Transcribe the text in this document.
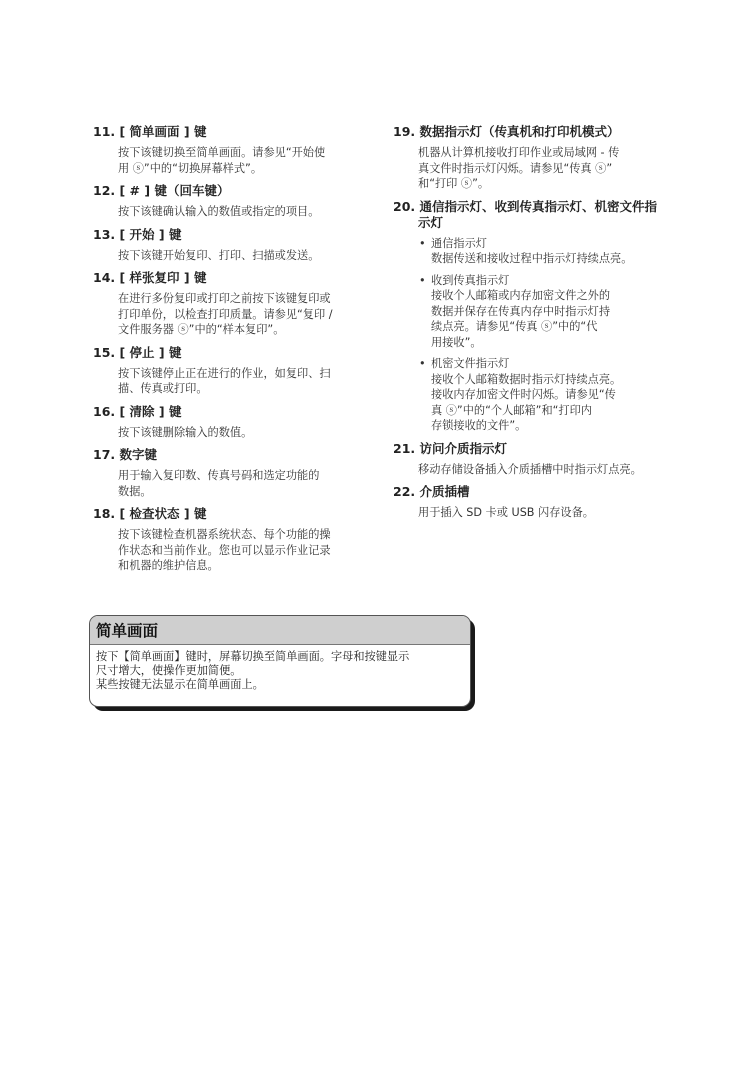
11. [ 简单画面 ] 键
按下该键切换至简单画面。请参见“开始使
用 ⓢ”中的“切换屏幕样式”。
12. [ # ] 键（回车键）
按下该键确认输入的数值或指定的项目。
13. [ 开始 ] 键
按下该键开始复印、打印、扫描或发送。
14. [ 样张复印 ] 键
在进行多份复印或打印之前按下该键复印或
打印单份，以检查打印质量。请参见“复印 /
文件服务器 ⓢ”中的“样本复印”。
15. [ 停止 ] 键
按下该键停止正在进行的作业，如复印、扫
描、传真或打印。
16. [ 清除 ] 键
按下该键删除输入的数值。
17. 数字键
用于输入复印数、传真号码和选定功能的
数据。
18. [ 检查状态 ] 键
按下该键检查机器系统状态、每个功能的操
作状态和当前作业。您也可以显示作业记录
和机器的维护信息。
19. 数据指示灯（传真机和打印机模式）
机器从计算机接收打印作业或局域网 - 传
真文件时指示灯闪烁。请参见“传真 ⓢ”
和“打印 ⓢ”。
20. 通信指示灯、收到传真指示灯、机密文件指
示灯
• 通信指示灯
数据传送和接收过程中指示灯持续点亮。
• 收到传真指示灯
接收个人邮箱或内存加密文件之外的
数据并保存在传真内存中时指示灯持
续点亮。请参见“传真 ⓢ”中的“代
用接收”。
• 机密文件指示灯
接收个人邮箱数据时指示灯持续点亮。
接收内存加密文件时闪烁。请参见“传
真 ⓢ”中的“个人邮箱”和“打印内
存锁接收的文件”。
21. 访问介质指示灯
移动存储设备插入介质插槽中时指示灯点亮。
22. 介质插槽
用于插入 SD 卡或 USB 闪存设备。
简单画面
按下【简单画面】键时，屏幕切换至简单画面。字母和按键显示
尺寸增大，使操作更加简便。
某些按键无法显示在简单画面上。
